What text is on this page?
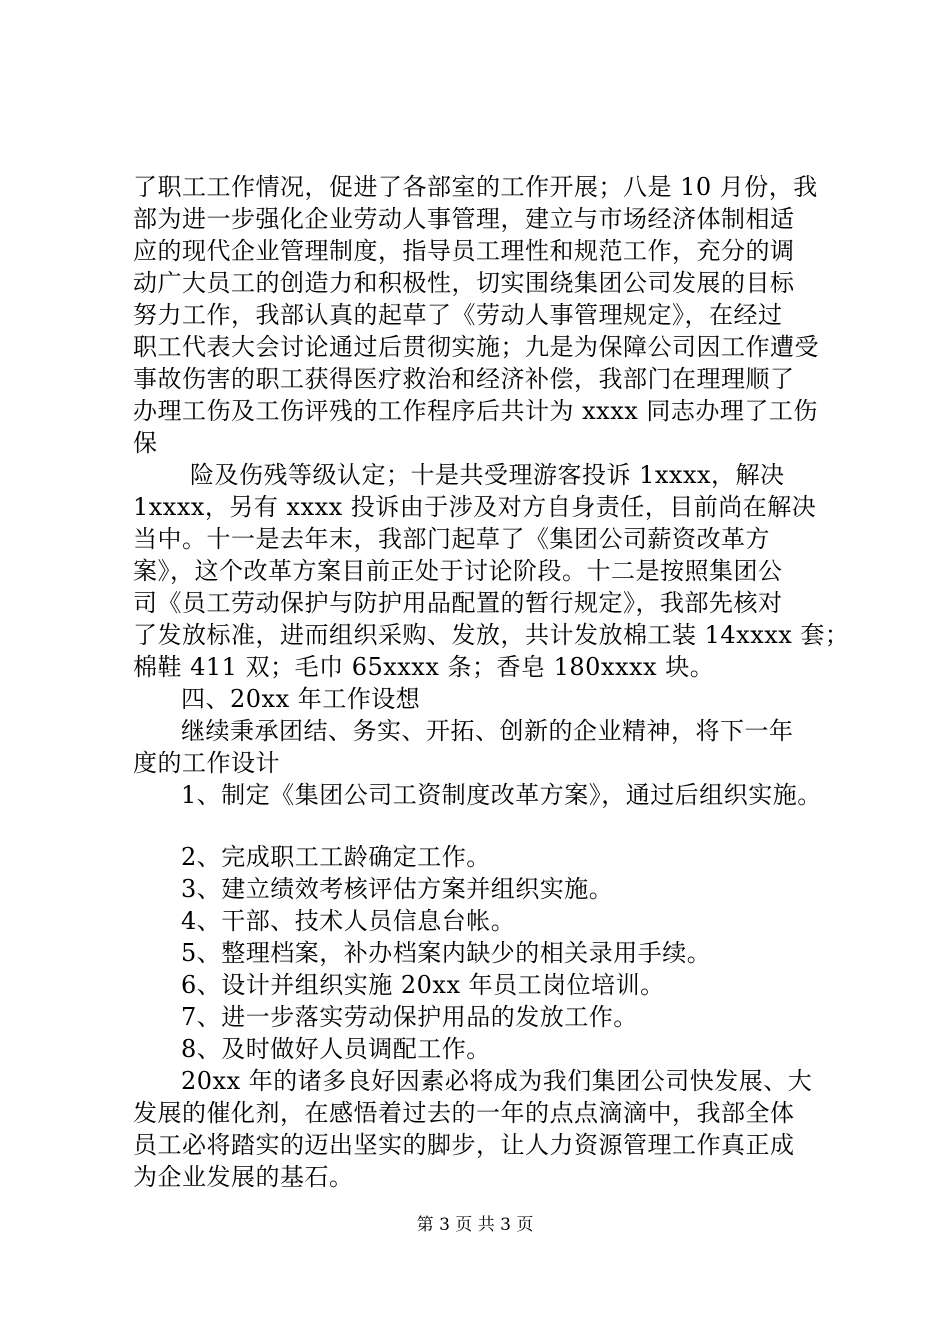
了职工工作情况，促进了各部室的工作开展；八是 10 月份，我
部为进一步强化企业劳动人事管理，建立与市场经济体制相适
应的现代企业管理制度，指导员工理性和规范工作，充分的调
动广大员工的创造力和积极性，切实围绕集团公司发展的目标
努力工作，我部认真的起草了《劳动人事管理规定》，在经过
职工代表大会讨论通过后贯彻实施；九是为保障公司因工作遭受
事故伤害的职工获得医疗救治和经济补偿，我部门在理理顺了
办理工伤及工伤评残的工作程序后共计为 xxxx 同志办理了工伤
保
险及伤残等级认定；十是共受理游客投诉 1xxxx，解决
1xxxx，另有 xxxx 投诉由于涉及对方自身责任，目前尚在解决
当中。十一是去年末，我部门起草了《集团公司薪资改革方
案》，这个改革方案目前正处于讨论阶段。十二是按照集团公
司《员工劳动保护与防护用品配置的暂行规定》，我部先核对
了发放标准，进而组织采购、发放，共计发放棉工装 14xxxx 套；
棉鞋 411 双；毛巾 65xxxx 条；香皂 180xxxx 块。
四、20xx 年工作设想
继续秉承团结、务实、开拓、创新的企业精神，将下一年
度的工作设计
1、制定《集团公司工资制度改革方案》，通过后组织实施。
2、完成职工工龄确定工作。
3、建立绩效考核评估方案并组织实施。
4、干部、技术人员信息台帐。
5、整理档案，补办档案内缺少的相关录用手续。
6、设计并组织实施 20xx 年员工岗位培训。
7、进一步落实劳动保护用品的发放工作。
8、及时做好人员调配工作。
20xx 年的诸多良好因素必将成为我们集团公司快发展、大
发展的催化剂，在感悟着过去的一年的点点滴滴中，我部全体
员工必将踏实的迈出坚实的脚步，让人力资源管理工作真正成
为企业发展的基石。
第 3 页 共 3 页
